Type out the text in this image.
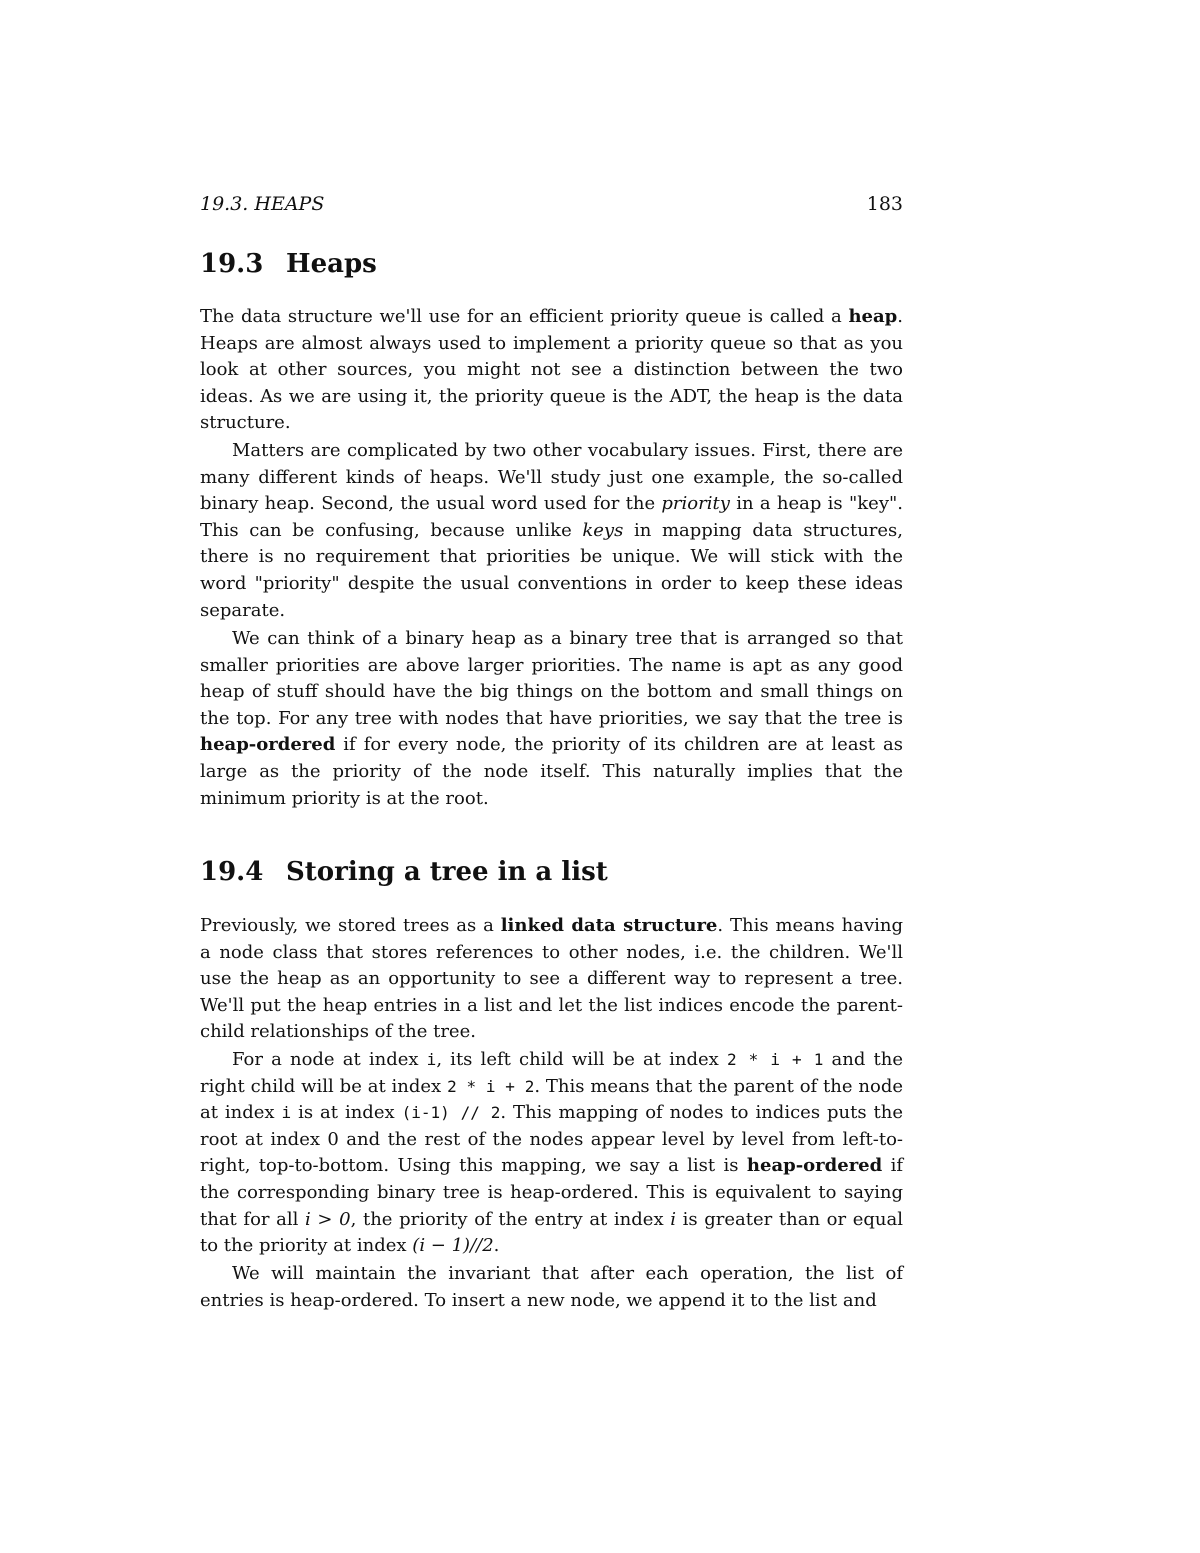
19.3. HEAPS	183
19.3 Heaps

The data structure we'll use for an efficient priority queue is called a heap. Heaps are almost always used to implement a priority queue so that as you look at other sources, you might not see a distinction between the two ideas. As we are using it, the priority queue is the ADT, the heap is the data structure.

Matters are complicated by two other vocabulary issues. First, there are many different kinds of heaps. We'll study just one example, the so-called binary heap. Second, the usual word used for the priority in a heap is "key". This can be confusing, because unlike keys in mapping data structures, there is no requirement that priorities be unique. We will stick with the word "priority" despite the usual conventions in order to keep these ideas separate.

We can think of a binary heap as a binary tree that is arranged so that smaller priorities are above larger priorities. The name is apt as any good heap of stuff should have the big things on the bottom and small things on the top. For any tree with nodes that have priorities, we say that the tree is heap-ordered if for every node, the priority of its children are at least as large as the priority of the node itself. This naturally implies that the minimum priority is at the root.

19.4 Storing a tree in a list

Previously, we stored trees as a linked data structure. This means having a node class that stores references to other nodes, i.e. the children. We'll use the heap as an opportunity to see a different way to represent a tree. We'll put the heap entries in a list and let the list indices encode the parent-child relationships of the tree.

For a node at index i, its left child will be at index 2 * i + 1 and the right child will be at index 2 * i + 2. This means that the parent of the node at index i is at index (i-1) // 2. This mapping of nodes to indices puts the root at index 0 and the rest of the nodes appear level by level from left-to-right, top-to-bottom. Using this mapping, we say a list is heap-ordered if the corresponding binary tree is heap-ordered. This is equivalent to saying that for all i > 0, the priority of the entry at index i is greater than or equal to the priority at index (i − 1)//2.

We will maintain the invariant that after each operation, the list of entries is heap-ordered. To insert a new node, we append it to the list and
